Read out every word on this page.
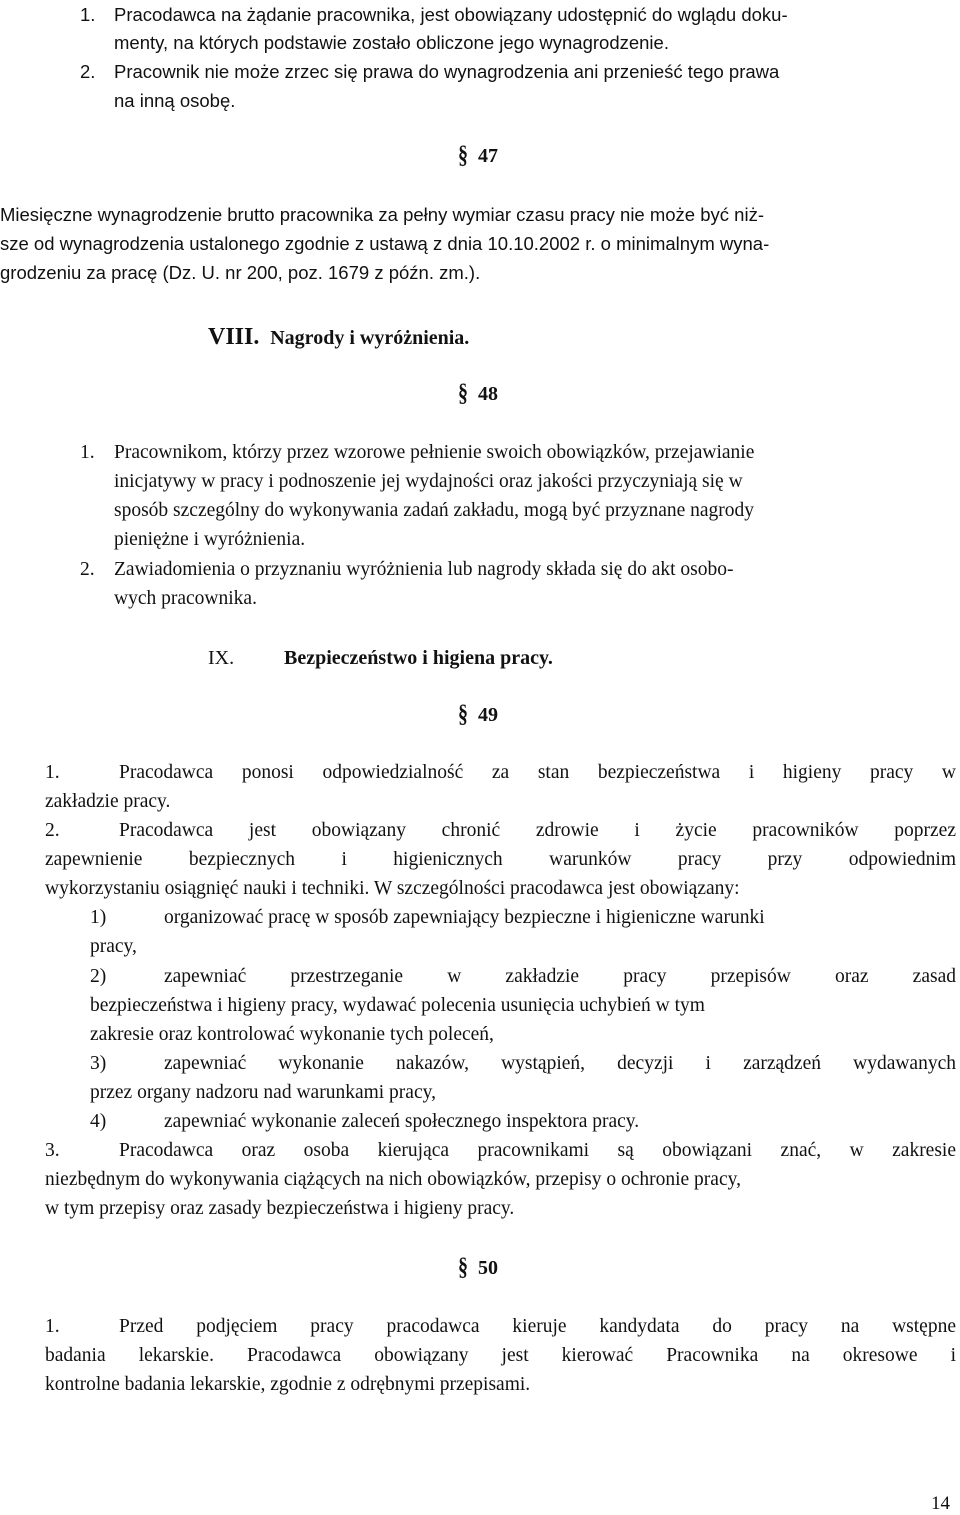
1. Pracodawca na żądanie pracownika, jest obowiązany udostępnić do wglądu doku-
menty, na których podstawie zostało obliczone jego wynagrodzenie.
2. Pracownik nie może zrzec się prawa do wynagrodzenia ani przenieść tego prawa
na inną osobę.
§ 47
Miesięczne wynagrodzenie brutto pracownika za pełny wymiar czasu pracy nie może być niż-
sze od wynagrodzenia ustalonego zgodnie z ustawą z dnia 10.10.2002 r. o minimalnym wyna-
grodzeniu za pracę (Dz. U. nr 200, poz. 1679 z późn. zm.).
VIII. Nagrody i wyróżnienia.
§ 48
1. Pracownikom, którzy przez wzorowe pełnienie swoich obowiązków, przejawianie
inicjatywy w pracy i podnoszenie jej wydajności oraz jakości przyczyniają się w
sposób szczególny do wykonywania zadań zakładu, mogą być przyznane nagrody
pieniężne i wyróżnienia.
2. Zawiadomienia o przyznaniu wyróżnienia lub nagrody składa się do akt osobo-
wych pracownika.
IX. Bezpieczeństwo i higiena pracy.
§ 49
1.	Pracodawca ponosi odpowiedzialność za stan bezpieczeństwa i higieny pracy w
zakładzie pracy.
2.	Pracodawca jest obowiązany chronić zdrowie i życie pracowników poprzez
zapewnienie bezpiecznych i higienicznych warunków pracy przy odpowiednim
wykorzystaniu osiągnięć nauki i techniki. W szczególności pracodawca jest obowiązany:
1)	organizować pracę w sposób zapewniający bezpieczne i higieniczne warunki
pracy,
2)	zapewniać przestrzeganie w zakładzie pracy przepisów oraz zasad
bezpieczeństwa i higieny pracy, wydawać polecenia usunięcia uchybień w tym
zakresie oraz kontrolować wykonanie tych poleceń,
3)	zapewniać wykonanie nakazów, wystąpień, decyzji i zarządzeń wydawanych
przez organy nadzoru nad warunkami pracy,
4)	zapewniać wykonanie zaleceń społecznego inspektora pracy.
3.	Pracodawca oraz osoba kierująca pracownikami są obowiązani znać, w zakresie
niezbędnym do wykonywania ciążących na nich obowiązków, przepisy o ochronie pracy,
w tym przepisy oraz zasady bezpieczeństwa i higieny pracy.
§ 50
1.	Przed podjęciem pracy pracodawca kieruje kandydata do pracy na wstępne
badania lekarskie. Pracodawca obowiązany jest kierować Pracownika na okresowe i
kontrolne badania lekarskie, zgodnie z odrębnymi przepisami.
14
